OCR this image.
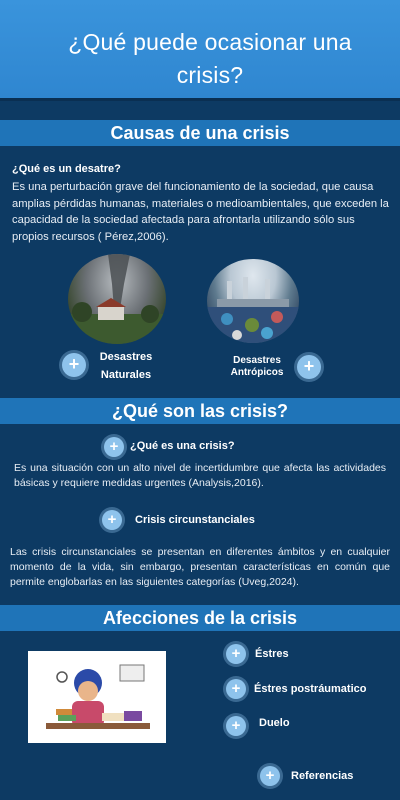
¿Qué puede ocasionar una crisis?
Causas de una crisis
¿Qué es un desatre?
Es una perturbación grave del funcionamiento de la sociedad, que causa amplias pérdidas humanas, materiales o medioambientales, que exceden la capacidad de la sociedad afectada para afrontarla utilizando sólo sus propios recursos ( Pérez,2006).
+	Desastres Naturales
Desastres Antrópicos	+
¿Qué son las crisis?
+	¿Qué es una crisis?
Es una situación con un alto nivel de incertidumbre que afecta las actividades básicas y requiere medidas urgentes (Analysis,2016).
+	Crisis circunstanciales
Las crisis circunstanciales se presentan en diferentes ámbitos y en cualquier momento de la vida, sin embargo, presentan características en común que permite englobarlas en las siguientes categorías (Uveg,2024).
Afecciones de la crisis
+	Éstres
+	Éstres postráumatico
+	Duelo
+	Referencias
